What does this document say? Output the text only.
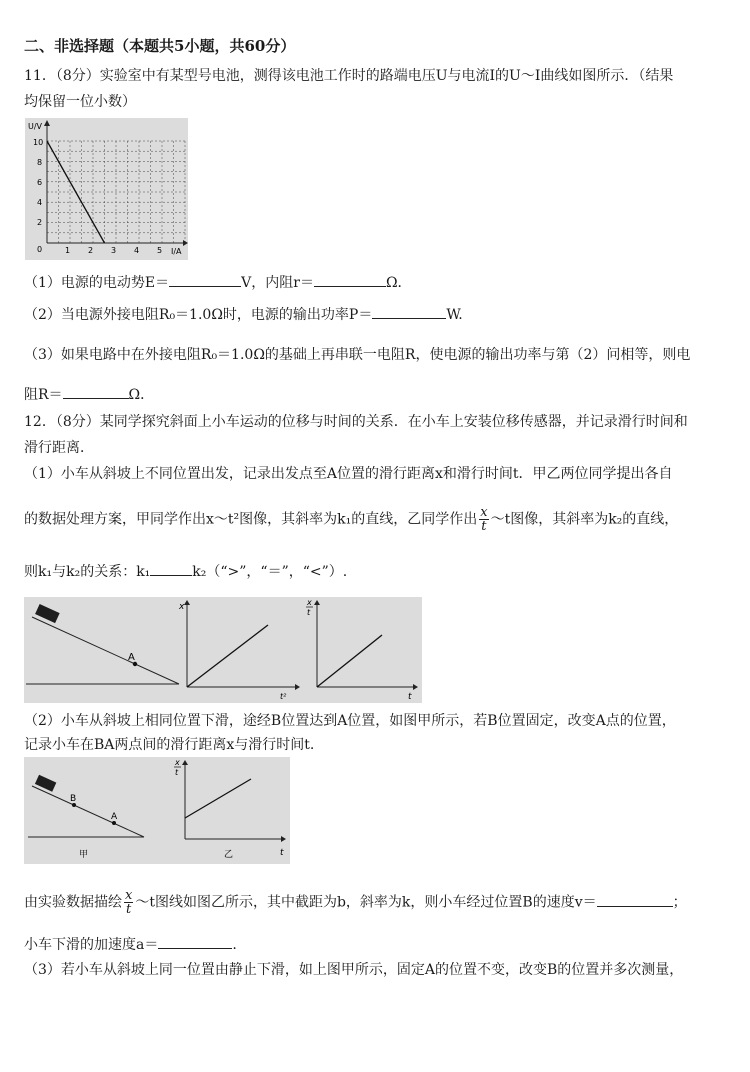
二、非选择题（本题共5小题，共60分）
11．（8分）实验室中有某型号电池，测得该电池工作时的路端电压U与电流I的U～I曲线如图所示．（结果
均保留一位小数）
U/V
I/A
10
8
6
4
2
0	1 2 3 4 5
（1）电源的电动势E＝	V，内阻r＝	Ω．
（2）当电源外接电阻R₀＝1.0Ω时，电源的输出功率P＝	W.
（3）如果电路中在外接电阻R₀＝1.0Ω的基础上再串联一电阻R，使电源的输出功率与第（2）问相等，则电
阻R＝	Ω．
12．（8分）某同学探究斜面上小车运动的位移与时间的关系．在小车上安装位移传感器，并记录滑行时间和
滑行距离．
（1）小车从斜坡上不同位置出发，记录出发点至A位置的滑行距离x和滑行时间t．甲乙两位同学提出各自
的数据处理方案，甲同学作出x～t²图像，其斜率为k₁的直线，乙同学作出 $\frac{x}{t}$ ～t图像，其斜率为k₂的直线，
则k₁与k₂的关系：k₁	k₂（“>”，“＝”，“<”）.
A
x
t²
x
t
t
（2）小车从斜坡上相同位置下滑，途经B位置达到A位置，如图甲所示，若B位置固定，改变A点的位置，
记录小车在BA两点间的滑行距离x与滑行时间t.
B
A
甲
x
t
t
乙
由实验数据描绘 $\frac{x}{t}$ ～t图线如图乙所示，其中截距为b，斜率为k，则小车经过位置B的速度v＝	；
小车下滑的加速度a＝	.
（3）若小车从斜坡上同一位置由静止下滑，如上图甲所示，固定A的位置不变，改变B的位置并多次测量，
